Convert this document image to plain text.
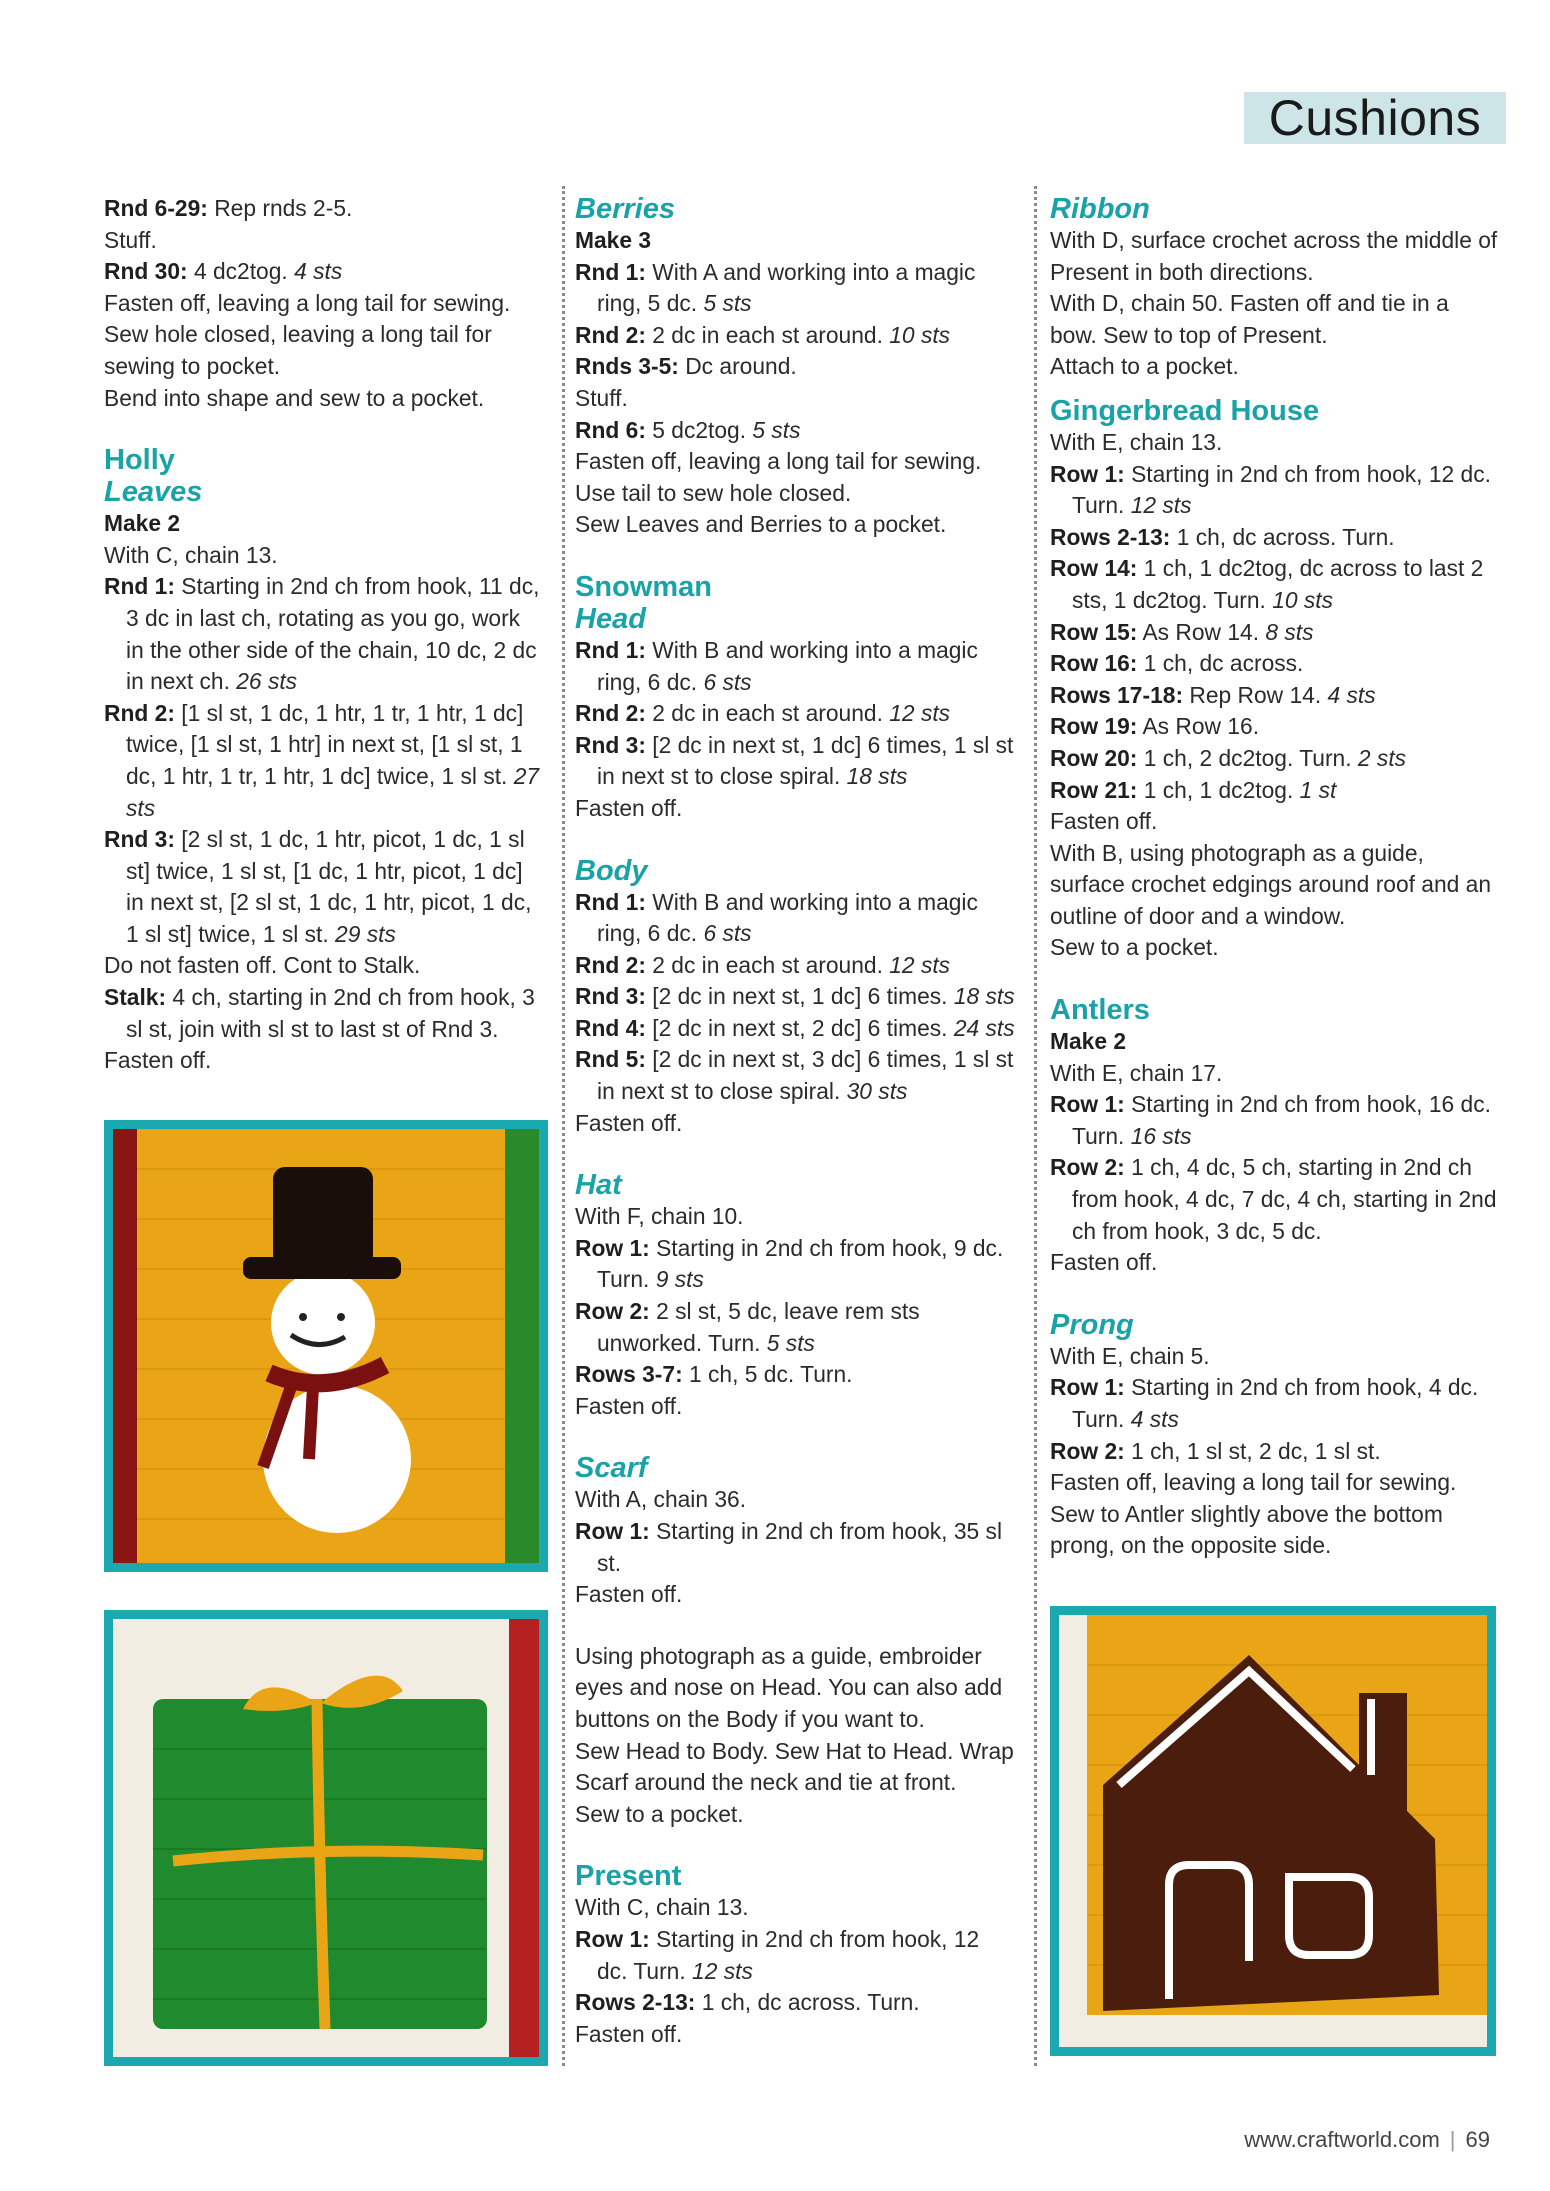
Cushions

Rnd 6-29: Rep rnds 2-5.

Stuff.

Rnd 30: 4 dc2tog. 4 sts

Fasten off, leaving a long tail for sewing.

Sew hole closed, leaving a long tail for sewing to pocket.

Bend into shape and sew to a pocket.

Holly

Leaves

Make 2

With C, chain 13.

Rnd 1: Starting in 2nd ch from hook, 11 dc, 3 dc in last ch, rotating as you go, work in the other side of the chain, 10 dc, 2 dc in next ch. 26 sts

Rnd 2: [1 sl st, 1 dc, 1 htr, 1 tr, 1 htr, 1 dc] twice, [1 sl st, 1 htr] in next st, [1 sl st, 1 dc, 1 htr, 1 tr, 1 htr, 1 dc] twice, 1 sl st. 27 sts

Rnd 3: [2 sl st, 1 dc, 1 htr, picot, 1 dc, 1 sl st] twice, 1 sl st, [1 dc, 1 htr, picot, 1 dc] in next st, [2 sl st, 1 dc, 1 htr, picot, 1 dc, 1 sl st] twice, 1 sl st. 29 sts

Do not fasten off. Cont to Stalk.

Stalk: 4 ch, starting in 2nd ch from hook, 3 sl st, join with sl st to last st of Rnd 3.

Fasten off.

Berries

Make 3

Rnd 1: With A and working into a magic ring, 5 dc. 5 sts

Rnd 2: 2 dc in each st around. 10 sts

Rnds 3-5: Dc around.

Stuff.

Rnd 6: 5 dc2tog. 5 sts

Fasten off, leaving a long tail for sewing.

Use tail to sew hole closed.

Sew Leaves and Berries to a pocket.

Snowman

Head

Rnd 1: With B and working into a magic ring, 6 dc. 6 sts

Rnd 2: 2 dc in each st around. 12 sts

Rnd 3: [2 dc in next st, 1 dc] 6 times, 1 sl st in next st to close spiral. 18 sts

Fasten off.

Body

Rnd 1: With B and working into a magic ring, 6 dc. 6 sts

Rnd 2: 2 dc in each st around. 12 sts

Rnd 3: [2 dc in next st, 1 dc] 6 times. 18 sts

Rnd 4: [2 dc in next st, 2 dc] 6 times. 24 sts

Rnd 5: [2 dc in next st, 3 dc] 6 times, 1 sl st in next st to close spiral. 30 sts

Fasten off.

Hat

With F, chain 10.

Row 1: Starting in 2nd ch from hook, 9 dc. Turn. 9 sts

Row 2: 2 sl st, 5 dc, leave rem sts unworked. Turn. 5 sts

Rows 3-7: 1 ch, 5 dc. Turn.

Fasten off.

Scarf

With A, chain 36.

Row 1: Starting in 2nd ch from hook, 35 sl st.

Fasten off.

Using photograph as a guide, embroider eyes and nose on Head. You can also add buttons on the Body if you want to.

Sew Head to Body. Sew Hat to Head. Wrap Scarf around the neck and tie at front.

Sew to a pocket.

Present

With C, chain 13.

Row 1: Starting in 2nd ch from hook, 12 dc. Turn. 12 sts

Rows 2-13: 1 ch, dc across. Turn.

Fasten off.

Ribbon

With D, surface crochet across the middle of Present in both directions.

With D, chain 50. Fasten off and tie in a bow. Sew to top of Present.

Attach to a pocket.

Gingerbread House

With E, chain 13.

Row 1: Starting in 2nd ch from hook, 12 dc. Turn. 12 sts

Rows 2-13: 1 ch, dc across. Turn.

Row 14: 1 ch, 1 dc2tog, dc across to last 2 sts, 1 dc2tog. Turn. 10 sts

Row 15: As Row 14. 8 sts

Row 16: 1 ch, dc across.

Rows 17-18: Rep Row 14. 4 sts

Row 19: As Row 16.

Row 20: 1 ch, 2 dc2tog. Turn. 2 sts

Row 21: 1 ch, 1 dc2tog. 1 st

Fasten off.

With B, using photograph as a guide, surface crochet edgings around roof and an outline of door and a window.

Sew to a pocket.

Antlers

Make 2

With E, chain 17.

Row 1: Starting in 2nd ch from hook, 16 dc. Turn. 16 sts

Row 2: 1 ch, 4 dc, 5 ch, starting in 2nd ch from hook, 4 dc, 7 dc, 4 ch, starting in 2nd ch from hook, 3 dc, 5 dc.

Fasten off.

Prong

With E, chain 5.

Row 1: Starting in 2nd ch from hook, 4 dc. Turn. 4 sts

Row 2: 1 ch, 1 sl st, 2 dc, 1 sl st.

Fasten off, leaving a long tail for sewing. Sew to Antler slightly above the bottom prong, on the opposite side.

www.craftworld.com | 69
